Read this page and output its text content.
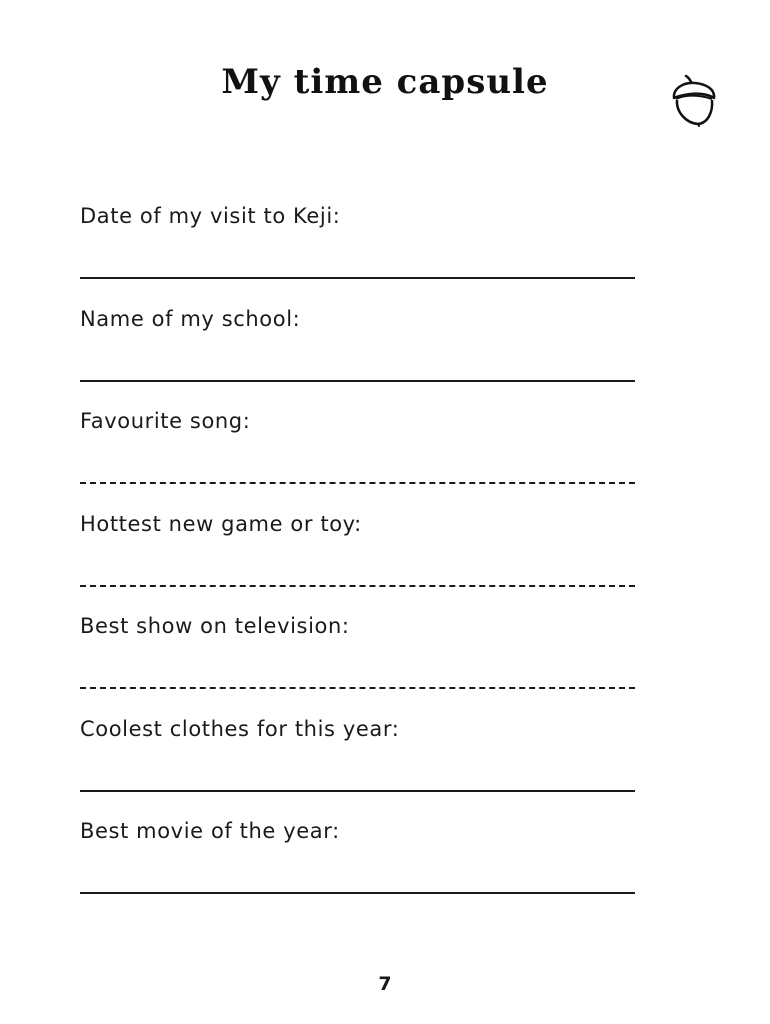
My time capsule
Date of my visit to Keji:
Name of my school:
Favourite song:
Hottest new game or toy:
Best show on television:
Coolest clothes for this year:
Best movie of the year:
7
